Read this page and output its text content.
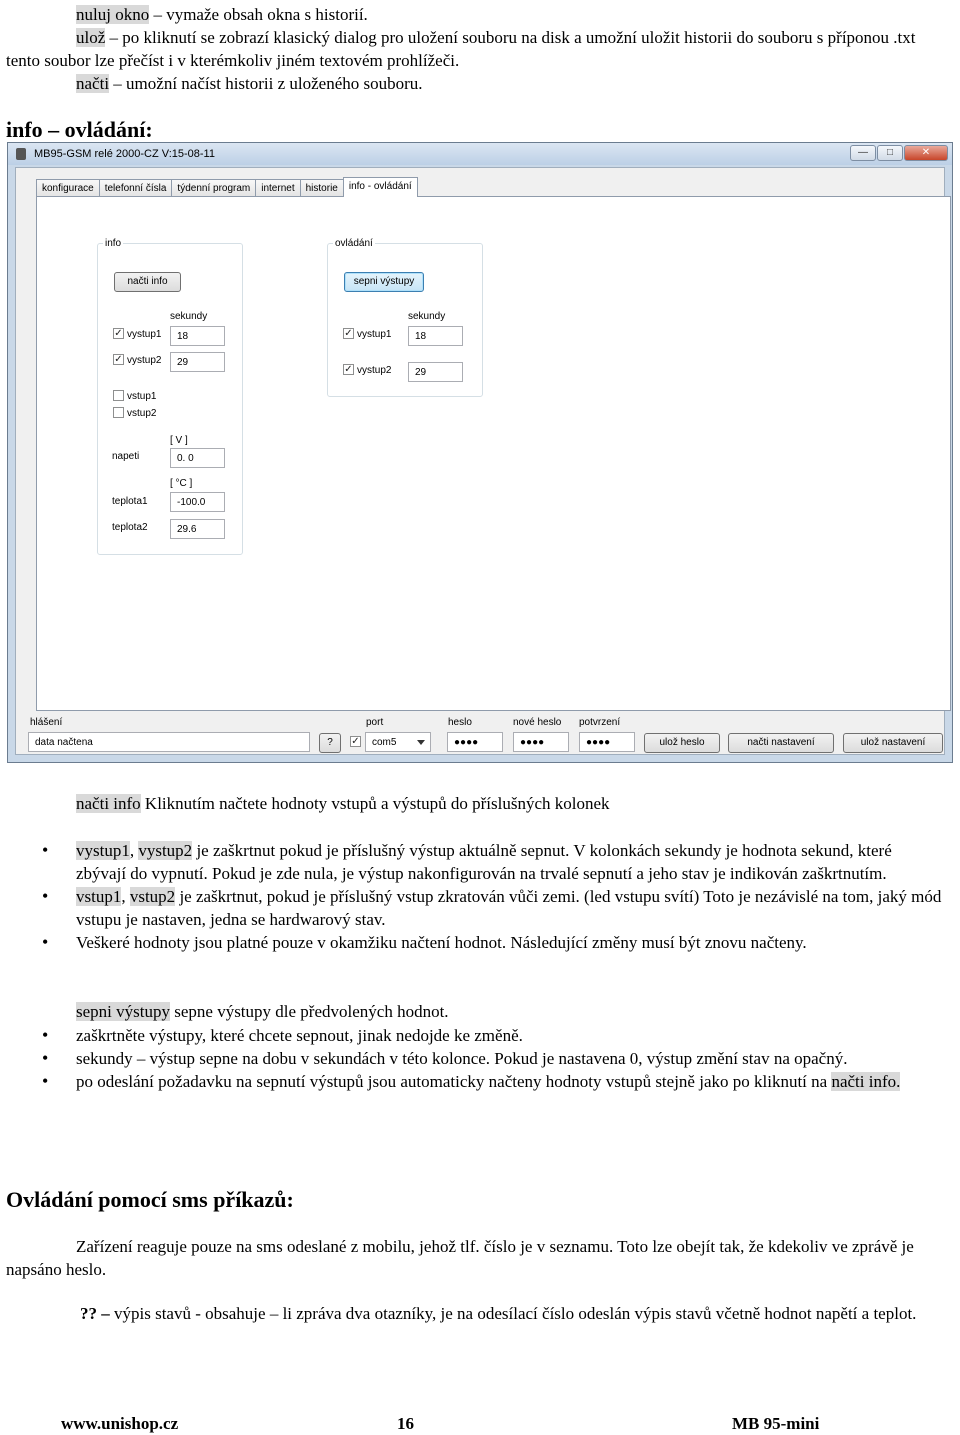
nuluj okno – vymaže obsah okna s historií.

ulož – po kliknutí se zobrazí klasický dialog pro uložení souboru na disk a umožní uložit historii do souboru s příponou .txt tento soubor lze přečíst i v kterémkoliv jiném textovém prohlížeči.

načti – umožní načíst historii z uloženého souboru.

info – ovládání:

MB95-GSM relé 2000-CZ V:15-08-11	—	□	✕
konfigurace	telefonní čísla	týdenní program	internet	historie	info - ovládání
info
načti info
sekundy
✓ vystup1	18
✓ vystup2	29
vstup1
vstup2
[ V ]
napeti	0. 0
[ °C ]
teplota1	-100.0
teplota2	29.6
ovládání
sepni výstupy
sekundy
✓ vystup1	18
✓ vystup2	29
hlášení
data načtena	?
port
✓	com5
heslo
●●●●
nové heslo
●●●●
potvrzení
●●●●	ulož heslo	načti nastavení	ulož nastavení

načti info Kliknutím načtete hodnoty vstupů a výstupů do příslušných kolonek

• vystup1, vystup2 je zaškrtnut pokud je příslušný výstup aktuálně sepnut. V kolonkách sekundy je hodnota sekund, které zbývají do vypnutí. Pokud je zde nula, je výstup nakonfigurován na trvalé sepnutí a jeho stav je indikován zaškrtnutím.
• vstup1, vstup2 je zaškrtnut, pokud je příslušný vstup zkratován vůči zemi. (led vstupu svítí) Toto je nezávislé na tom, jaký mód vstupu je nastaven, jedna se hardwarový stav.
• Veškeré hodnoty jsou platné pouze v okamžiku načtení hodnot. Následující změny musí být znovu načteny.

sepni výstupy sepne výstupy dle předvolených hodnot.

• zaškrtněte výstupy, které chcete sepnout, jinak nedojde ke změně.
• sekundy – výstup sepne na dobu v sekundách v této kolonce. Pokud je nastavena 0, výstup změní stav na opačný.
• po odeslání požadavku na sepnutí výstupů jsou automaticky načteny hodnoty vstupů stejně jako po kliknutí na načti info.

Ovládání pomocí sms příkazů:

Zařízení reaguje pouze na sms odeslané z mobilu, jehož tlf. číslo je v seznamu. Toto lze obejít tak, že kdekoliv ve zprávě je napsáno heslo.

?? – výpis stavů - obsahuje – li zpráva dva otazníky, je na odesílací číslo odeslán výpis stavů včetně hodnot napětí a teplot.

www.unishop.cz	16	MB 95-mini
